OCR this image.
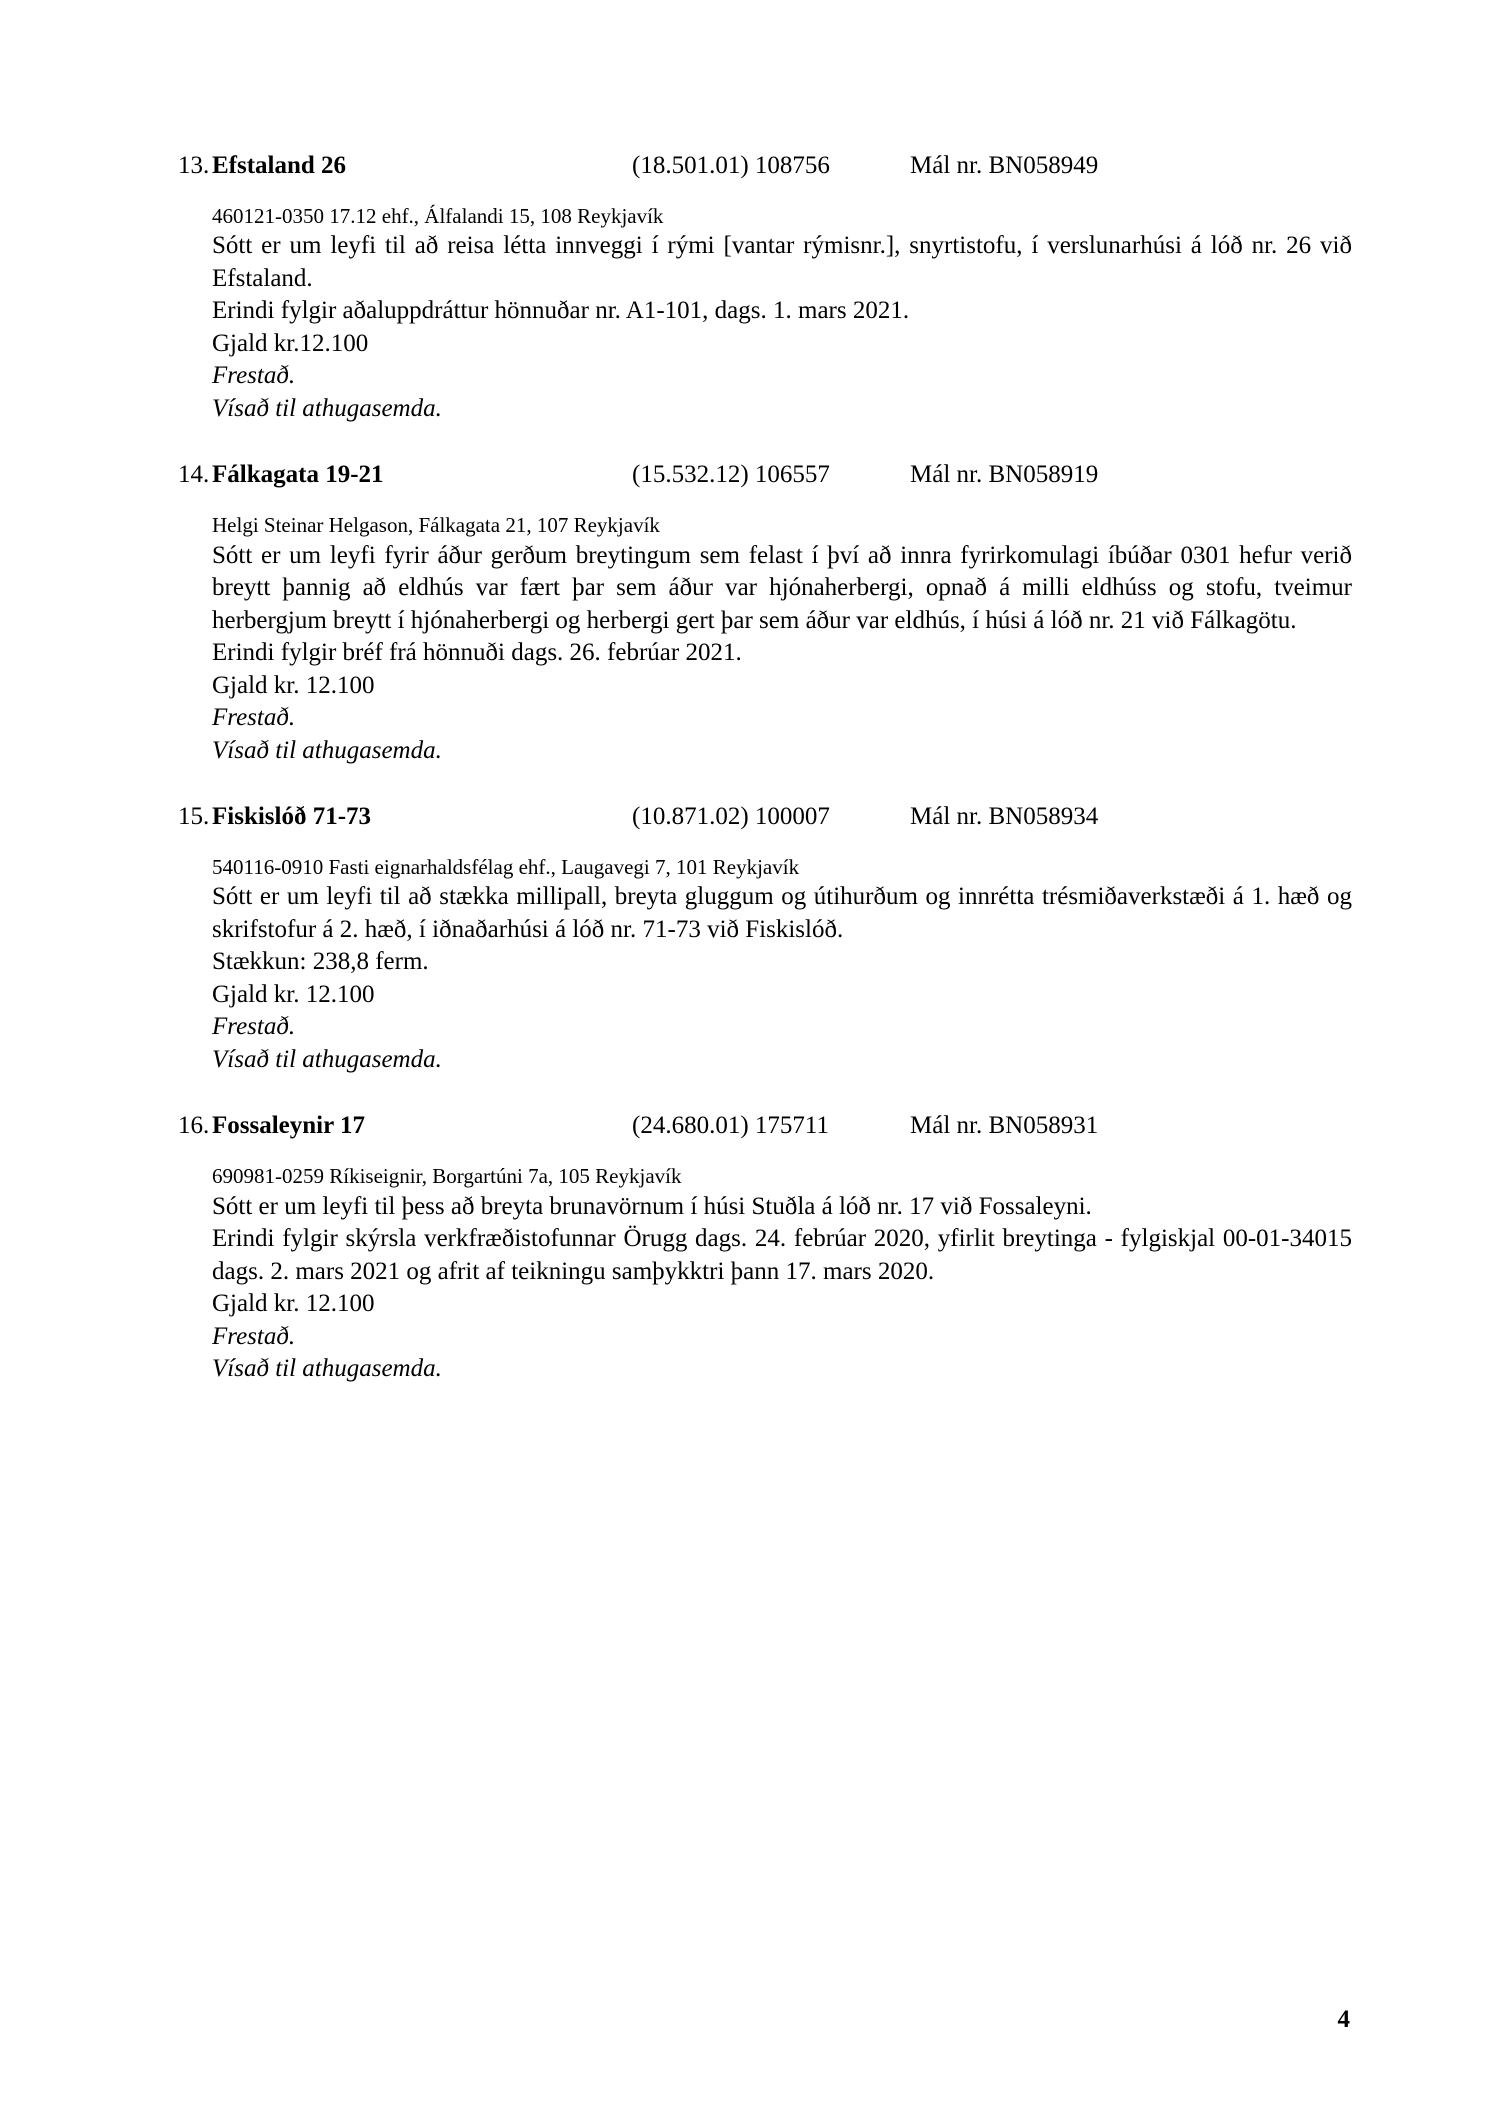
13. Efstaland 26	(18.501.01) 108756	Mál nr. BN058949

460121-0350 17.12 ehf., Álfalandi 15, 108 Reykjavík

Sótt er um leyfi til að reisa létta innveggi í rými [vantar rýmisnr.], snyrtistofu, í verslunarhúsi á lóð nr. 26 við Efstaland.

Erindi fylgir aðaluppdráttur hönnuðar nr. A1-101, dags. 1. mars 2021.

Gjald kr.12.100

Frestað.

Vísað til athugasemda.

14. Fálkagata 19-21	(15.532.12) 106557	Mál nr. BN058919

Helgi Steinar Helgason, Fálkagata 21, 107 Reykjavík

Sótt er um leyfi fyrir áður gerðum breytingum sem felast í því að innra fyrirkomulagi íbúðar 0301 hefur verið breytt þannig að eldhús var fært þar sem áður var hjónaherbergi, opnað á milli eldhúss og stofu, tveimur herbergjum breytt í hjónaherbergi og herbergi gert þar sem áður var eldhús, í húsi á lóð nr. 21 við Fálkagötu.

Erindi fylgir bréf frá hönnuði dags. 26. febrúar 2021.

Gjald kr. 12.100

Frestað.

Vísað til athugasemda.

15. Fiskislóð 71-73	(10.871.02) 100007	Mál nr. BN058934

540116-0910 Fasti eignarhaldsfélag ehf., Laugavegi 7, 101 Reykjavík

Sótt er um leyfi til að stækka millipall, breyta gluggum og útihurðum og innrétta trésmiðaverkstæði á 1. hæð og skrifstofur á 2. hæð, í iðnaðarhúsi á lóð nr. 71-73 við Fiskislóð.

Stækkun: 238,8 ferm.

Gjald kr. 12.100

Frestað.

Vísað til athugasemda.

16. Fossaleynir 17	(24.680.01) 175711	Mál nr. BN058931

690981-0259 Ríkiseignir, Borgartúni 7a, 105 Reykjavík

Sótt er um leyfi til þess að breyta brunavörnum í húsi Stuðla á lóð nr. 17 við Fossaleyni.

Erindi fylgir skýrsla verkfræðistofunnar Örugg dags. 24. febrúar 2020, yfirlit breytinga - fylgiskjal 00-01-34015 dags. 2. mars 2021 og afrit af teikningu samþykktri þann 17. mars 2020.

Gjald kr. 12.100

Frestað.

Vísað til athugasemda.

4
